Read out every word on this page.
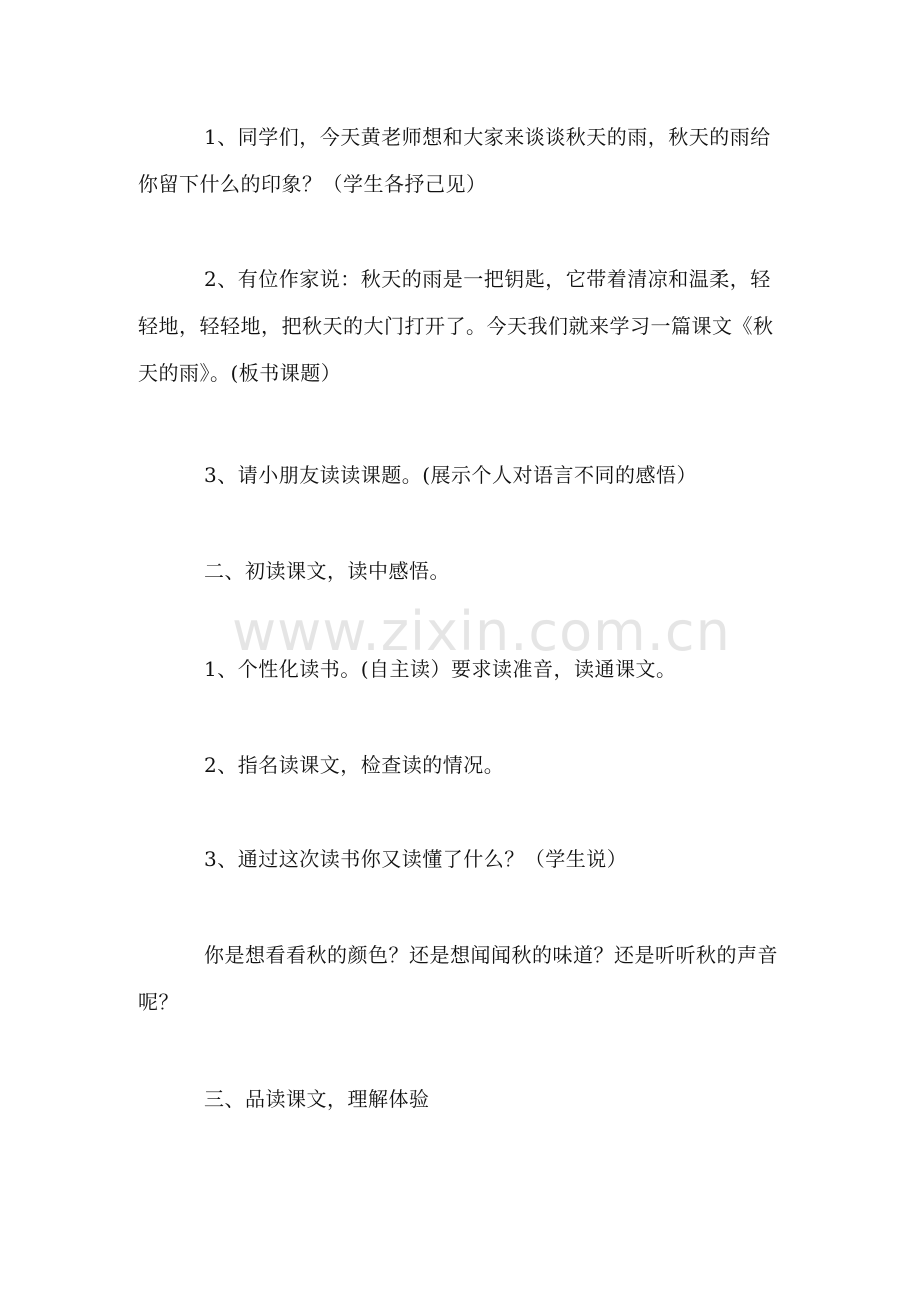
1、同学们，今天黄老师想和大家来谈谈秋天的雨，秋天的雨给你留下什么的印象？（学生各抒己见）

2、有位作家说：秋天的雨是一把钥匙，它带着清凉和温柔，轻轻地，轻轻地，把秋天的大门打开了。今天我们就来学习一篇课文《秋天的雨》。(板书课题）

3、请小朋友读读课题。(展示个人对语言不同的感悟）

二、初读课文，读中感悟。

1、个性化读书。(自主读）要求读准音，读通课文。

2、指名读课文，检查读的情况。

3、通过这次读书你又读懂了什么？（学生说）

你是想看看秋的颜色？还是想闻闻秋的味道？还是听听秋的声音呢？

三、品读课文，理解体验

www.zixin.com.cn
